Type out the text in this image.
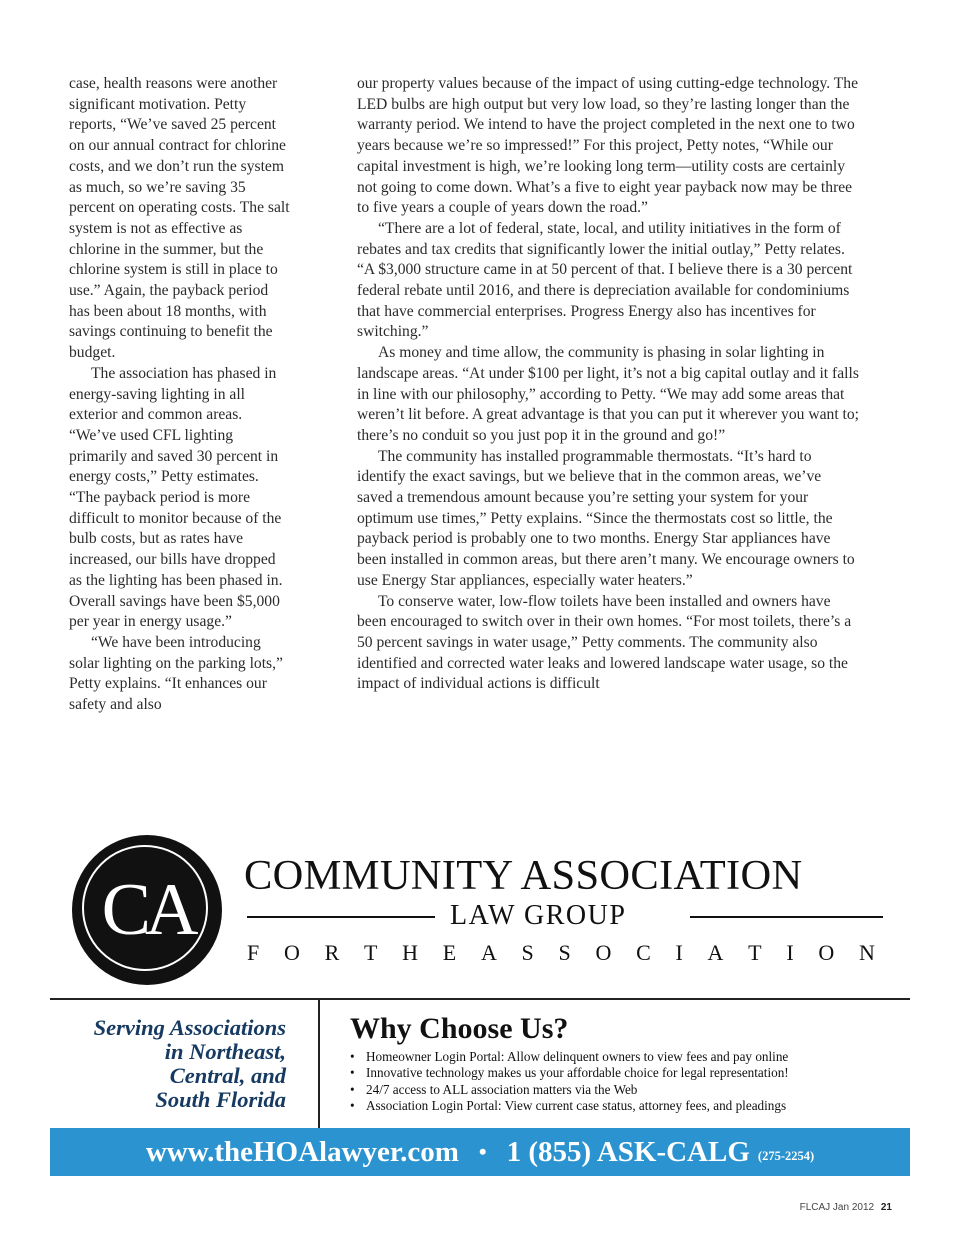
case, health reasons were another significant motivation. Petty reports, “We’ve saved 25 percent on our annual contract for chlorine costs, and we don’t run the system as much, so we’re saving 35 percent on operating costs. The salt system is not as effective as chlorine in the summer, but the chlorine system is still in place to use.” Again, the payback period has been about 18 months, with savings continuing to benefit the budget.

The association has phased in energy-saving lighting in all exterior and common areas. “We’ve used CFL lighting primarily and saved 30 percent in energy costs,” Petty estimates. “The payback period is more difficult to monitor because of the bulb costs, but as rates have increased, our bills have dropped as the lighting has been phased in. Overall savings have been $5,000 per year in energy usage.”

“We have been introducing solar lighting on the parking lots,” Petty explains. “It enhances our safety and also

our property values because of the impact of using cutting-edge technology. The LED bulbs are high output but very low load, so they’re lasting longer than the warranty period. We intend to have the project completed in the next one to two years because we’re so impressed!” For this project, Petty notes, “While our capital investment is high, we’re looking long term—utility costs are certainly not going to come down. What’s a five to eight year payback now may be three to five years a couple of years down the road.”

“There are a lot of federal, state, local, and utility initiatives in the form of rebates and tax credits that significantly lower the initial outlay,” Petty relates. “A $3,000 structure came in at 50 percent of that. I believe there is a 30 percent federal rebate until 2016, and there is depreciation available for condominiums that have commercial enterprises. Progress Energy also has incentives for switching.”

As money and time allow, the community is phasing in solar lighting in landscape areas. “At under $100 per light, it’s not a big capital outlay and it falls in line with our philosophy,” according to Petty. “We may add some areas that weren’t lit before. A great advantage is that you can put it wherever you want to; there’s no conduit so you just pop it in the ground and go!”

The community has installed programmable thermostats. “It’s hard to identify the exact savings, but we believe that in the common areas, we’ve saved a tremendous amount because you’re setting your system for your optimum use times,” Petty explains. “Since the thermostats cost so little, the payback period is probably one to two months. Energy Star appliances have been installed in common areas, but there aren’t many. We encourage owners to use Energy Star appliances, especially water heaters.”

To conserve water, low-flow toilets have been installed and owners have been encouraged to switch over in their own homes. “For most toilets, there’s a 50 percent savings in water usage,” Petty comments. The community also identified and corrected water leaks and lowered landscape water usage, so the impact of individual actions is difficult

CA	COMMUNITY ASSOCIATION
LAW GROUP
F O R T H E A S S O C I A T I O N
Serving Associations
in Northeast,
Central, and
South Florida
Why Choose Us?
• Homeowner Login Portal: Allow delinquent owners to view fees and pay online
• Innovative technology makes us your affordable choice for legal representation!
• 24/7 access to ALL association matters via the Web
• Association Login Portal: View current case status, attorney fees, and pleadings
www.theHOAlawyer.com • 1 (855) ASK-CALG (275-2254)
FLCAJ Jan 2012 21
